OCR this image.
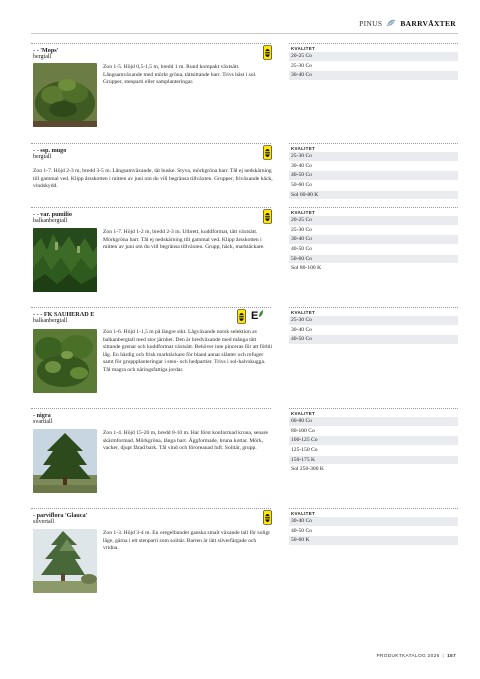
PINUS BARRVÄXTER
- - 'Mops'
bergtall
Zon 1-5. Höjd 0,5-1,5 m, bredd 1 m. Rund kompakt växtsätt. Långsamväxande med mörkt gröna, tättsittande barr. Trivs bäst i sol. Grupper, stenparti eller samplanteringar.
KVALITET
20-25 Co
25-30 Co
30-40 Co
- - ssp. mugo
bergtall
Zon 1-7. Höjd 2-3 m, bredd 3-5 m. Långsamväxande, tät buske. Styva, mörkgröna barr. Tål ej nedskärning till gammal ved. Klipp årsskotten i mitten av juni om du vill begränsa tillväxten. Grupper, friväxande häck, vindskydd.
KVALITET
25-30 Co
30-40 Co
40-50 Co
50-60 Co
Sol 60-80 K
- - var. pumilio
balkanbergtall
Zon 1-7. Höjd 1-2 m, bredd 2-3 m. Utbrett, kuddformat, tätt växtsätt. Mörkgröna barr. Tål ej nedskärning till gammal ved. Klipp årsskotten i mitten av juni om du vill begränsa tillväxten. Grupp, häck, marktäckare.
KVALITET
20-25 Co
25-30 Co
30-40 Co
40-50 Co
50-60 Co
Sol 80-100 K
- - - FK SAUHERAD E
balkanbergtall
Zon 1-6. Höjd 1-1,5 m på längre sikt. Lågväxande norsk selektion av balkanbergtall med stor järnhet. Den är bredväxande med många tätt sittande grenar och kuddformat växtsätt. Behöver inte pinceras för att förbli låg. En härdig och frisk marktäckare för bland annat slänter och refuger samt för gruppplanteringar i sten- och hedpartier. Trivs i sol-halvskugga. Tål magra och näringsfattiga jordar.
E	KVALITET
25-30 Co
30-40 Co
40-50 Co
- nigra
svarttall
Zon 1-4. Höjd 15-20 m, bredd 8-10 m. Har först konformad krona, senare skärmformad. Mörkgröna, långa barr. Äggformade, bruna kottar. Mörk, vacker, djupt fårad bark. Tål vind och föroreanad luft. Solitär, grupp.
KVALITET
60-80 Co
80-100 Co
100-125 Co
125-150 Co
150-175 K
Sol 250-300 K
- parviflora 'Glauca'
silvertall
Zon 1-3. Höjd 3-4 m. En oregelbundet ganska smalt växande tall för soligt läge, gärna i ett stenparti som solitär. Barren är lätt silverfärgade och vridna.
KVALITET
30-40 Co
40-50 Co
50-60 K
PRODUKTKATALOG 2026 | 157
